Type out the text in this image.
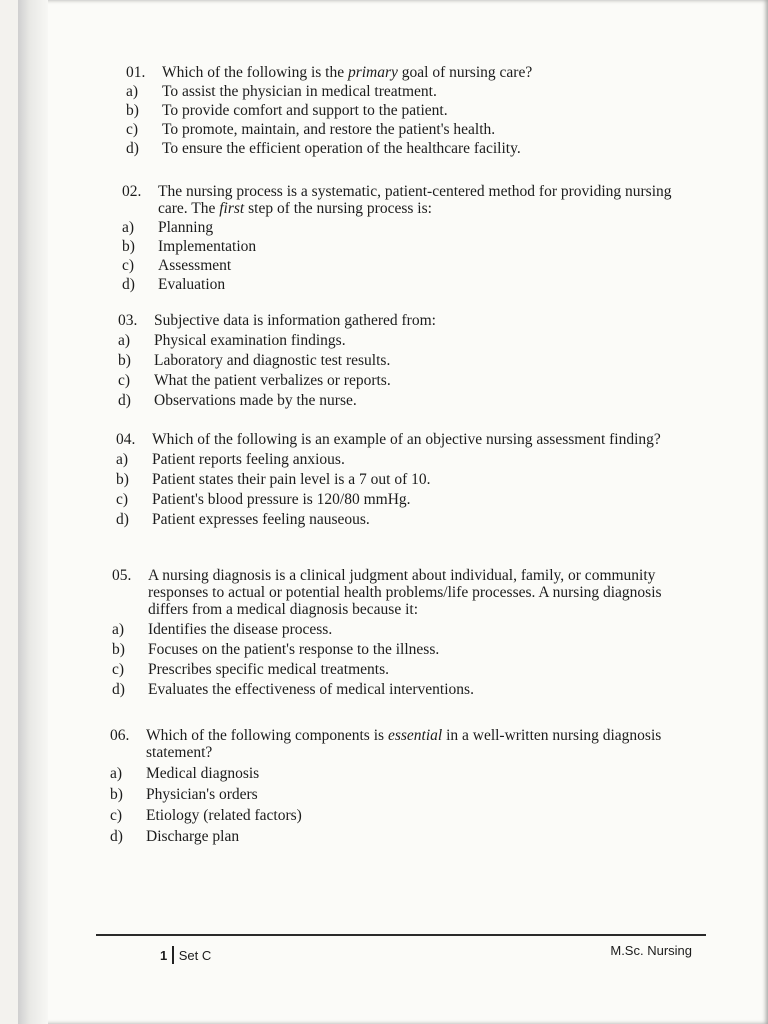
01.	Which of the following is the primary goal of nursing care?
a)	To assist the physician in medical treatment.
b)	To provide comfort and support to the patient.
c)	To promote, maintain, and restore the patient's health.
d)	To ensure the efficient operation of the healthcare facility.
02.	The nursing process is a systematic, patient-centered method for providing nursing care. The first step of the nursing process is:
a)	Planning
b)	Implementation
c)	Assessment
d)	Evaluation
03.	Subjective data is information gathered from:
a)	Physical examination findings.
b)	Laboratory and diagnostic test results.
c)	What the patient verbalizes or reports.
d)	Observations made by the nurse.
04.	Which of the following is an example of an objective nursing assessment finding?
a)	Patient reports feeling anxious.
b)	Patient states their pain level is a 7 out of 10.
c)	Patient's blood pressure is 120/80 mmHg.
d)	Patient expresses feeling nauseous.
05.	A nursing diagnosis is a clinical judgment about individual, family, or community responses to actual or potential health problems/life processes. A nursing diagnosis differs from a medical diagnosis because it:
a)	Identifies the disease process.
b)	Focuses on the patient's response to the illness.
c)	Prescribes specific medical treatments.
d)	Evaluates the effectiveness of medical interventions.
06.	Which of the following components is essential in a well-written nursing diagnosis statement?
a)	Medical diagnosis
b)	Physician's orders
c)	Etiology (related factors)
d)	Discharge plan
1 Set C	M.Sc. Nursing
